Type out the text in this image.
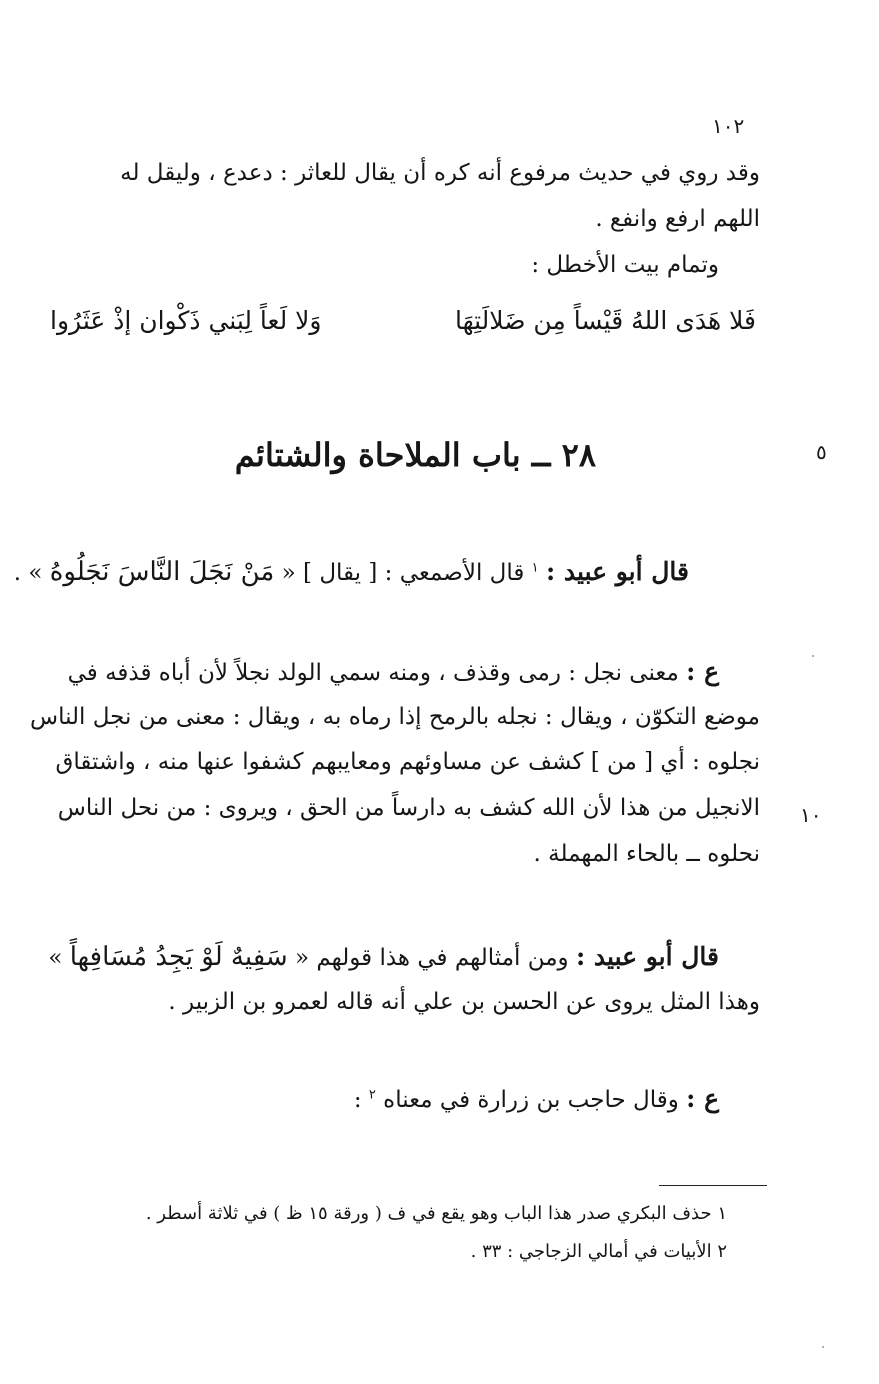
١٠٢
وقد روي في حديث مرفوع أنه كره أن يقال للعاثر : دعدع ، وليقل له
اللهم ارفع وانفع .
وتمام بيت الأخطل :
فَلا هَدَى اللهُ قَيْساً مِن ضَلالَتِهَا
وَلا لَعاً لِبَني ذَكْوان إذْ عَثَرُوا
٥
٢٨ ــ باب الملاحاة والشتائم
قال أبو عبيد : $^١$ قال الأصمعي : [ يقال ] « مَنْ نَجَلَ النَّاسَ نَجَلُوهُ » .
ع : معنى نجل : رمى وقذف ، ومنه سمي الولد نجلاً لأن أباه قذفه في
موضع التكوّن ، ويقال : نجله بالرمح إذا رماه به ، ويقال : معنى من نجل الناس
نجلوه : أي [ من ] كشف عن مساوئهم ومعايبهم كشفوا عنها منه ، واشتقاق
١٠
الانجيل من هذا لأن الله كشف به دارساً من الحق ، ويروى : من نحل الناس
نحلوه ــ بالحاء المهملة .
قال أبو عبيد : ومن أمثالهم في هذا قولهم « سَفِيهٌ لَوْ يَجِدُ مُسَافِهاً »
وهذا المثل يروى عن الحسن بن علي أنه قاله لعمرو بن الزبير .
ع : وقال حاجب بن زرارة في معناه $^٢$ :
١ حذف البكري صدر هذا الباب وهو يقع في ف ( ورقة ١٥ ظ ) في ثلاثة أسطر .
٢ الأبيات في أمالي الزجاجي : ٣٣ .
